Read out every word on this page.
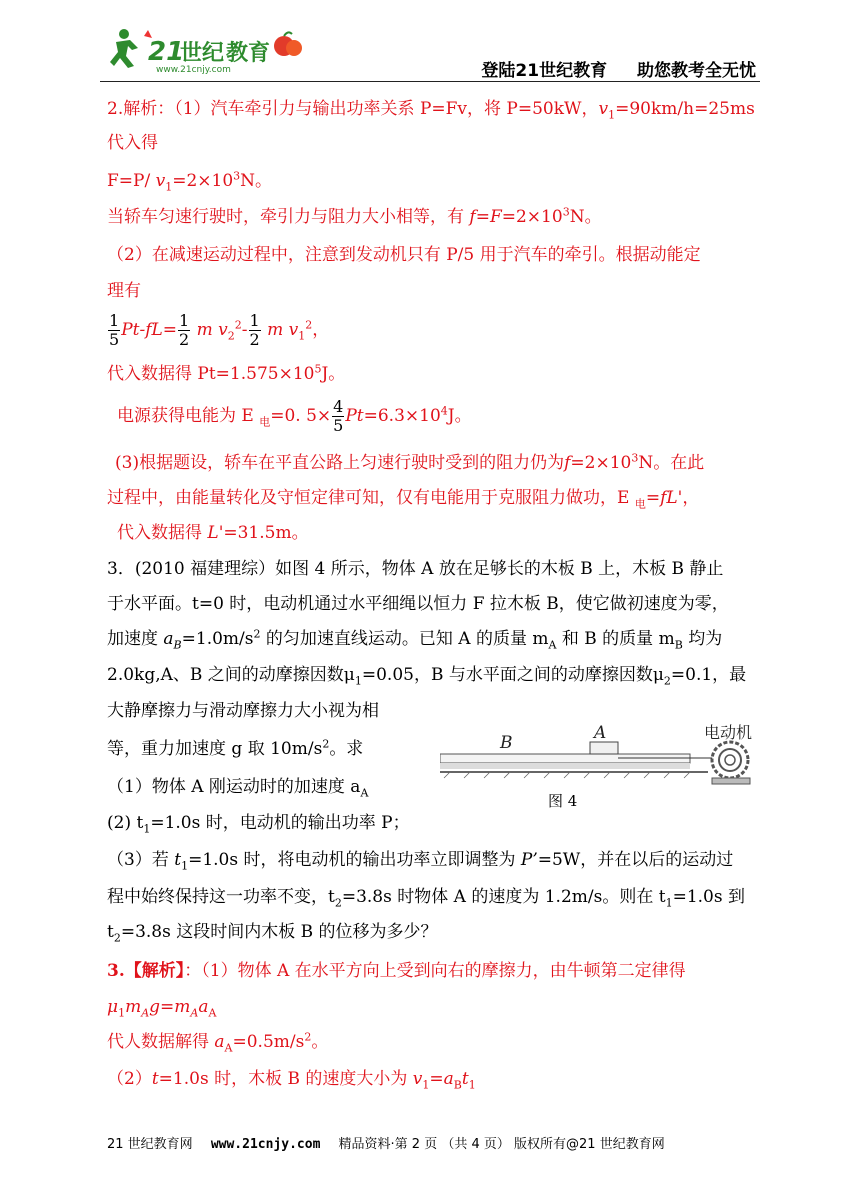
21
世纪 教育
www.21cnjy.com	登陆21世纪教育 助您教考全无忧
2.解析：（1）汽车牵引力与输出功率关系 P=Fv，将 P=50kW，$v_1=90km/h=25ms$
代入得
F=P/ $v_1=2\times 10^3N$。
当轿车匀速行驶时，牵引力与阻力大小相等，有 $f=F=2\times 10^3N$。
（2）在减速运动过程中，注意到发动机只有 P/5 用于汽车的牵引。根据动能定
理有
$\frac{1}{5} Pt-fL= \frac{1}{2}$ m $v_2^2- \frac{1}{2}$ m $v_1^2$，
代入数据得 $Pt=1.575\times 10^5J$。
电源获得电能为 E $_电$=0. $5\times \frac{4}{5} Pt=6.3\times 10^4J$。
(3)根据题设，轿车在平直公路上匀速行驶时受到的阻力仍为$f=2\times 10^3N$。在此
过程中，由能量转化及守恒定律可知，仅有电能用于克服阻力做功，E $_电$=fL'，
代入数据得 L'=31.5m。
3．(2010 福建理综）如图 4 所示，物体 A 放在足够长的木板 B 上，木板 B 静止
于水平面。t=0 时，电动机通过水平细绳以恒力 F 拉木板 B，使它做初速度为零，
加速度 $a_B=1.0m/s^2$ 的匀加速直线运动。已知 A 的质量 $m_A$ 和 B 的质量 $m_B$ 均为
2.0kg,A、B 之间的动摩擦因数$\mu_1=0.05$，B 与水平面之间的动摩擦因数$\mu_2=0.1$，最
大静摩擦力与滑动摩擦力大小视为相
等，重力加速度 g 取 $10m/s^2$。求
（1）物体 A 刚运动时的加速度 $a_A$
(2) $t_1=1.0s$ 时，电动机的输出功率 P；
（3）若 $t_1=1.0s$ 时，将电动机的输出功率立即调整为 P’=5W，并在以后的运动过
程中始终保持这一功率不变，$t_2=3.8s$ 时物体 A 的速度为 1.2m/s。则在 $t_1=1.0s$ 到
$t_2=3.8s$ 这段时间内木板 B 的位移为多少？
B	A	电动机
图 4
3.【解析】：（1）物体 A 在水平方向上受到向右的摩擦力，由牛顿第二定律得
$\mu_1m_Ag=m_Aa_A$
代人数据解得 $a_A=0.5m/s^2$。
（2）t=1.0s 时，木板 B 的速度大小为 $v_1=a_Bt_1$
21 世纪教育网 www.21cnjy.com 精品资料·第 2 页 （共 4 页） 版权所有@21 世纪教育网
